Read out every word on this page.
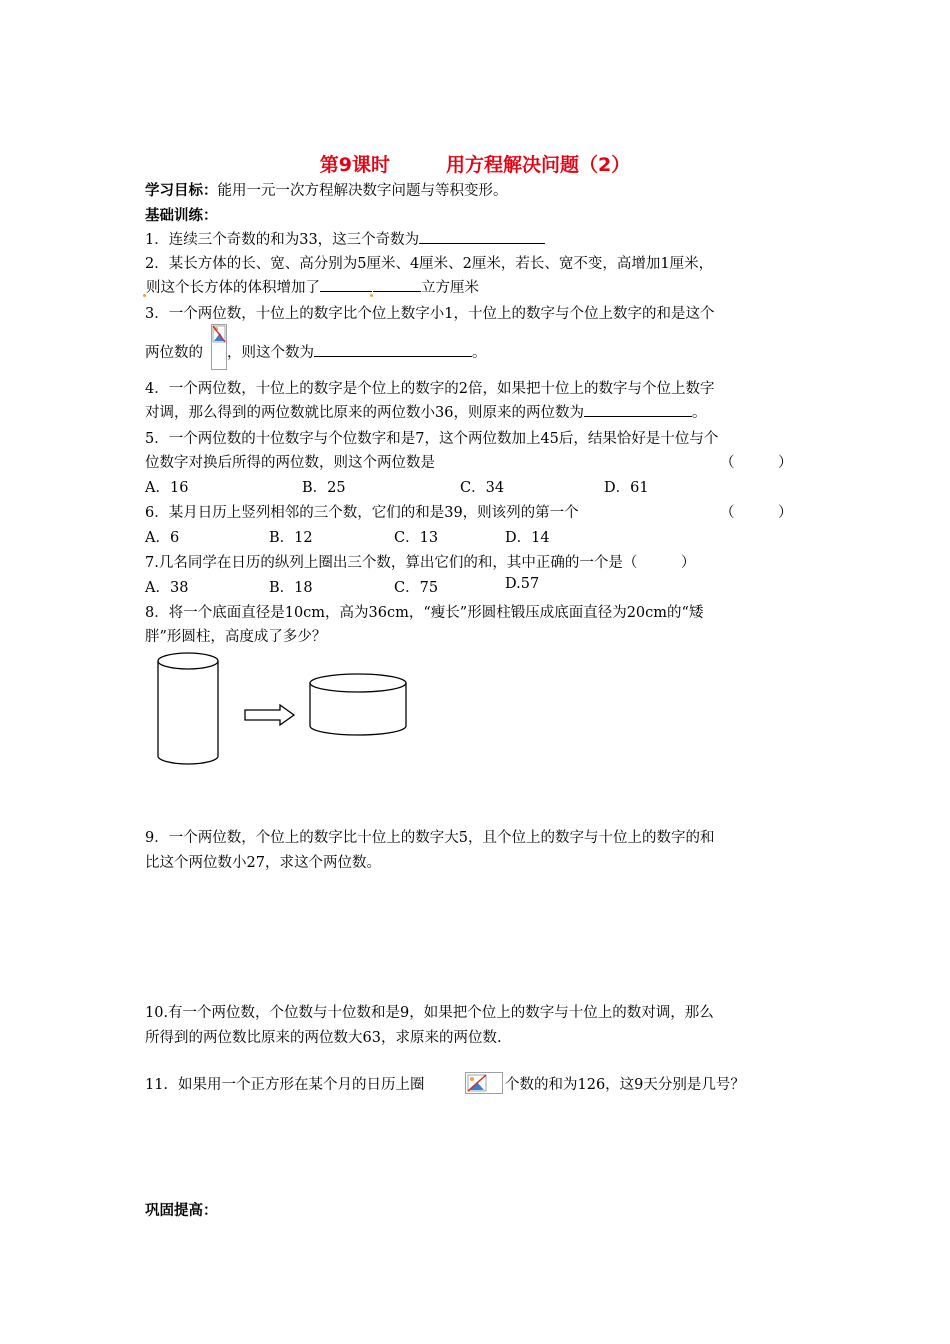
第9课时	用方程解决问题（2）
学习目标：能用一元一次方程解决数字问题与等积变形。
基础训练：
1．连续三个奇数的和为33，这三个奇数为
2．某长方体的长、宽、高分别为5厘米、4厘米、2厘米，若长、宽不变，高增加1厘米，
则这个长方体的体积增加了	立方厘米
3．一个两位数，十位上的数字比个位上数字小1，十位上的数字与个位上数字的和是这个
两位数的 ，则这个数为	。
4．一个两位数，十位上的数字是个位上的数字的2倍，如果把十位上的数字与个位上数字
对调，那么得到的两位数就比原来的两位数小36，则原来的两位数为	。
5．一个两位数的十位数字与个位数字和是7，这个两位数加上45后，结果恰好是十位与个
位数字对换后所得的两位数，则这个两位数是	（　　　）
A．16	B．25	C．34	D．61
6．某月日历上竖列相邻的三个数，它们的和是39，则该列的第一个	（　　　）
A．6	B．12	C．13	D．14
7.几名同学在日历的纵列上圈出三个数，算出它们的和，其中正确的一个是（　　　）
A．38	B．18	C．75	D.57
8．将一个底面直径是10cm，高为36cm，“瘦长”形圆柱锻压成底面直径为20cm的“矮
胖”形圆柱，高度成了多少？
9．一个两位数，个位上的数字比十位上的数字大5，且个位上的数字与十位上的数字的和
比这个两位数小27，求这个两位数。
10.有一个两位数，个位数与十位数和是9，如果把个位上的数字与十位上的数对调，那么
所得到的两位数比原来的两位数大63，求原来的两位数.
11．如果用一个正方形在某个月的日历上圈	个数的和为126，这9天分别是几号？
巩固提高：
